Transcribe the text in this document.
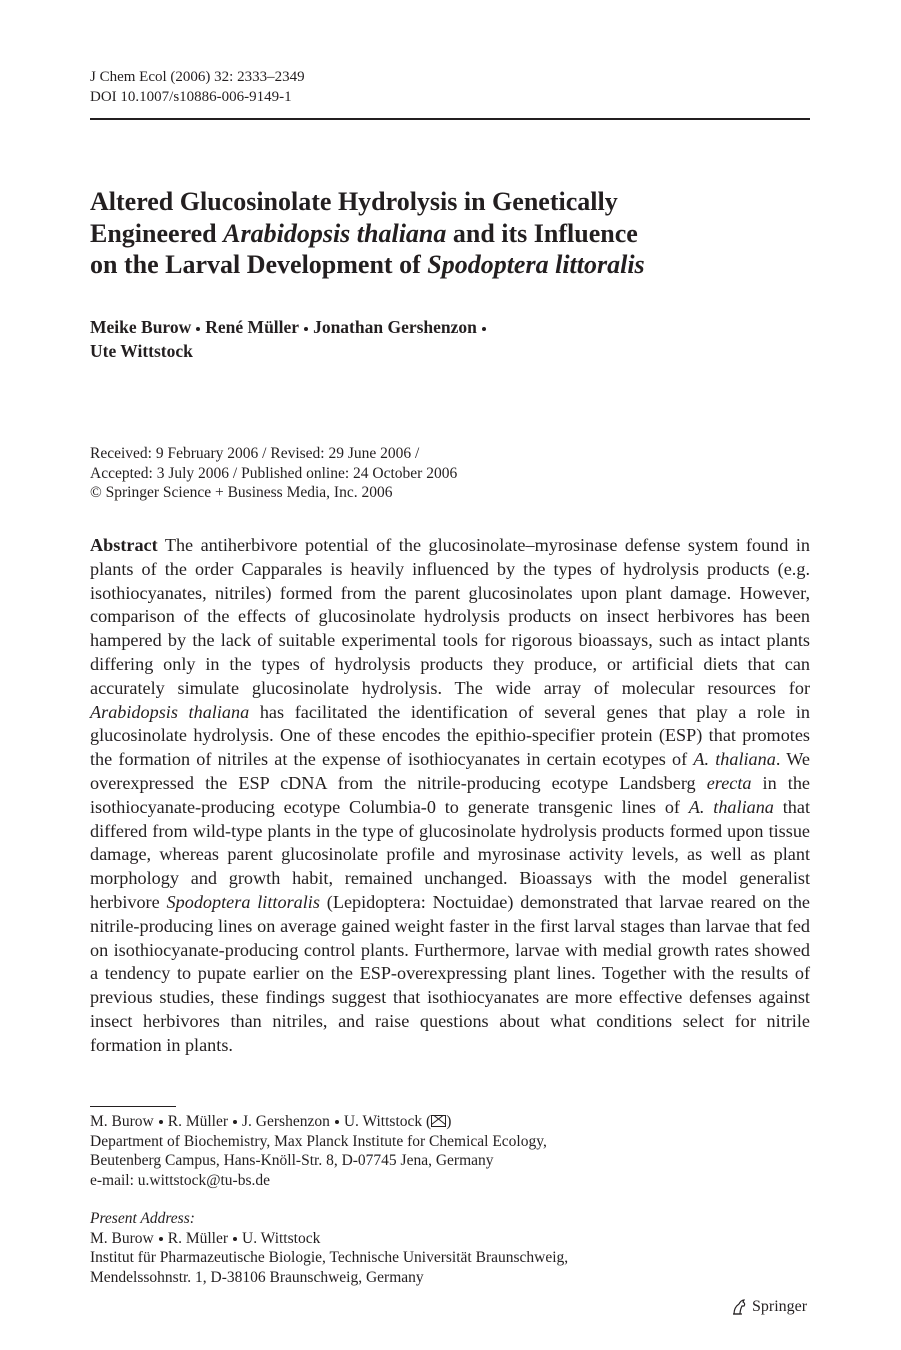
J Chem Ecol (2006) 32: 2333–2349
DOI 10.1007/s10886-006-9149-1
Altered Glucosinolate Hydrolysis in Genetically
Engineered Arabidopsis thaliana and its Influence
on the Larval Development of Spodoptera littoralis
Meike Burow René Müller Jonathan Gershenzon
Ute Wittstock
Received: 9 February 2006 / Revised: 29 June 2006 /
Accepted: 3 July 2006 / Published online: 24 October 2006
© Springer Science + Business Media, Inc. 2006

Abstract The antiherbivore potential of the glucosinolate–myrosinase defense system found in plants of the order Capparales is heavily influenced by the types of hydrolysis products (e.g. isothiocyanates, nitriles) formed from the parent glucosinolates upon plant damage. However, comparison of the effects of glucosinolate hydrolysis products on insect herbivores has been hampered by the lack of suitable experimental tools for rigorous bioassays, such as intact plants differing only in the types of hydrolysis products they produce, or artificial diets that can accurately simulate glucosinolate hydrolysis. The wide array of molecular resources for Arabidopsis thaliana has facilitated the identification of several genes that play a role in glucosinolate hydrolysis. One of these encodes the epithio-specifier protein (ESP) that promotes the formation of nitriles at the expense of isothiocyanates in certain ecotypes of A. thaliana. We overexpressed the ESP cDNA from the nitrile-producing ecotype Landsberg erecta in the isothiocyanate-producing ecotype Columbia-0 to generate transgenic lines of A. thaliana that differed from wild-type plants in the type of glucosinolate hydrolysis products formed upon tissue damage, whereas parent glucosinolate profile and myrosinase activity levels, as well as plant morphology and growth habit, remained unchanged. Bioassays with the model generalist herbivore Spodoptera littoralis (Lepidoptera: Noctuidae) demonstrated that larvae reared on the nitrile-producing lines on average gained weight faster in the first larval stages than larvae that fed on isothiocyanate-producing control plants. Furthermore, larvae with medial growth rates showed a tendency to pupate earlier on the ESP-overexpressing plant lines. Together with the results of previous studies, these findings suggest that isothiocyanates are more effective defenses against insect herbivores than nitriles, and raise questions about what conditions select for nitrile formation in plants.

M. Burow R. Müller J. Gershenzon U. Wittstock ( )
Department of Biochemistry, Max Planck Institute for Chemical Ecology,
Beutenberg Campus, Hans-Knöll-Str. 8, D-07745 Jena, Germany
e-mail: u.wittstock@tu-bs.de
Present Address:
M. Burow R. Müller U. Wittstock
Institut für Pharmazeutische Biologie, Technische Universität Braunschweig,
Mendelssohnstr. 1, D-38106 Braunschweig, Germany
Springer
